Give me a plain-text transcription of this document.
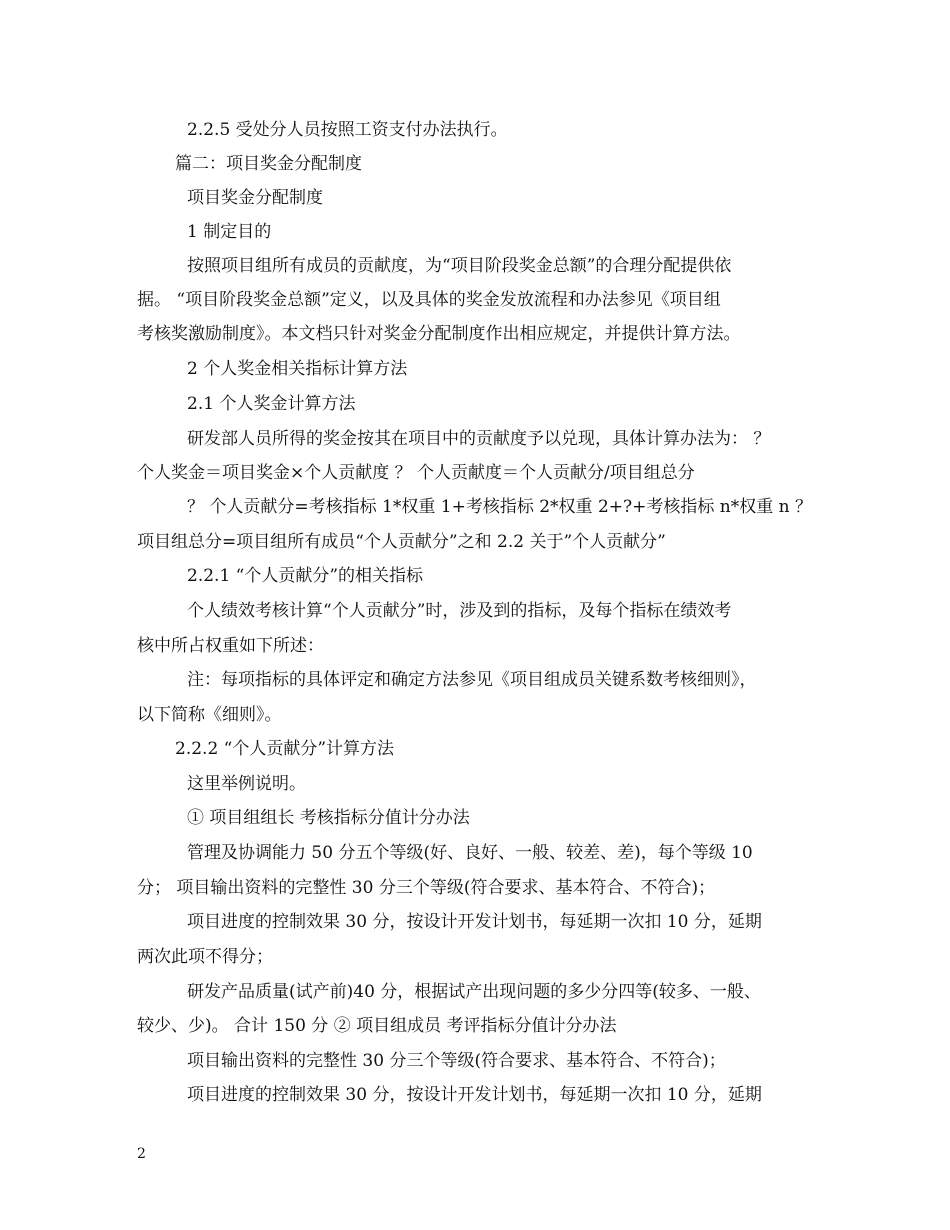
2.2.5 受处分人员按照工资支付办法执行。
篇二：项目奖金分配制度
项目奖金分配制度
1 制定目的
按照项目组所有成员的贡献度，为“项目阶段奖金总额”的合理分配提供依
据。 “项目阶段奖金总额”定义，以及具体的奖金发放流程和办法参见《项目组
考核奖激励制度》。本文档只针对奖金分配制度作出相应规定，并提供计算方法。
2 个人奖金相关指标计算方法
2.1 个人奖金计算方法
研发部人员所得的奖金按其在项目中的贡献度予以兑现，具体计算办法为： ？
个人奖金＝项目奖金×个人贡献度 ？ 个人贡献度＝个人贡献分/项目组总分
？ 个人贡献分=考核指标 1*权重 1+考核指标 2*权重 2+?+考核指标 n*权重 n ？
项目组总分=项目组所有成员“个人贡献分”之和 2.2 关于”个人贡献分”
2.2.1 “个人贡献分”的相关指标
个人绩效考核计算“个人贡献分”时，涉及到的指标，及每个指标在绩效考
核中所占权重如下所述：
注：每项指标的具体评定和确定方法参见《项目组成员关键系数考核细则》，
以下简称《细则》。
2.2.2 “个人贡献分”计算方法
这里举例说明。
① 项目组组长 考核指标分值计分办法
管理及协调能力 50 分五个等级(好、良好、一般、较差、差)，每个等级 10
分； 项目输出资料的完整性 30 分三个等级(符合要求、基本符合、不符合)；
项目进度的控制效果 30 分，按设计开发计划书，每延期一次扣 10 分，延期
两次此项不得分；
研发产品质量(试产前)40 分，根据试产出现问题的多少分四等(较多、一般、
较少、少)。 合计 150 分 ② 项目组成员 考评指标分值计分办法
项目输出资料的完整性 30 分三个等级(符合要求、基本符合、不符合)；
项目进度的控制效果 30 分，按设计开发计划书，每延期一次扣 10 分，延期
2
